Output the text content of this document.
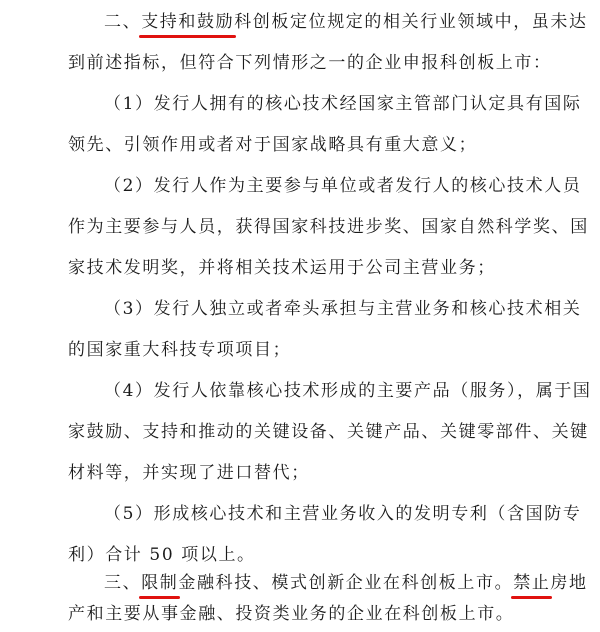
二、支持和鼓励科创板定位规定的相关行业领域中，虽未达
到前述指标，但符合下列情形之一的企业申报科创板上市：
（1）发行人拥有的核心技术经国家主管部门认定具有国际
领先、引领作用或者对于国家战略具有重大意义；
（2）发行人作为主要参与单位或者发行人的核心技术人员
作为主要参与人员，获得国家科技进步奖、国家自然科学奖、国
家技术发明奖，并将相关技术运用于公司主营业务；
（3）发行人独立或者牵头承担与主营业务和核心技术相关
的国家重大科技专项项目；
（4）发行人依靠核心技术形成的主要产品（服务），属于国
家鼓励、支持和推动的关键设备、关键产品、关键零部件、关键
材料等，并实现了进口替代；
（5）形成核心技术和主营业务收入的发明专利（含国防专
利）合计 50 项以上。
三、限制金融科技、模式创新企业在科创板上市。禁止房地
产和主要从事金融、投资类业务的企业在科创板上市。
